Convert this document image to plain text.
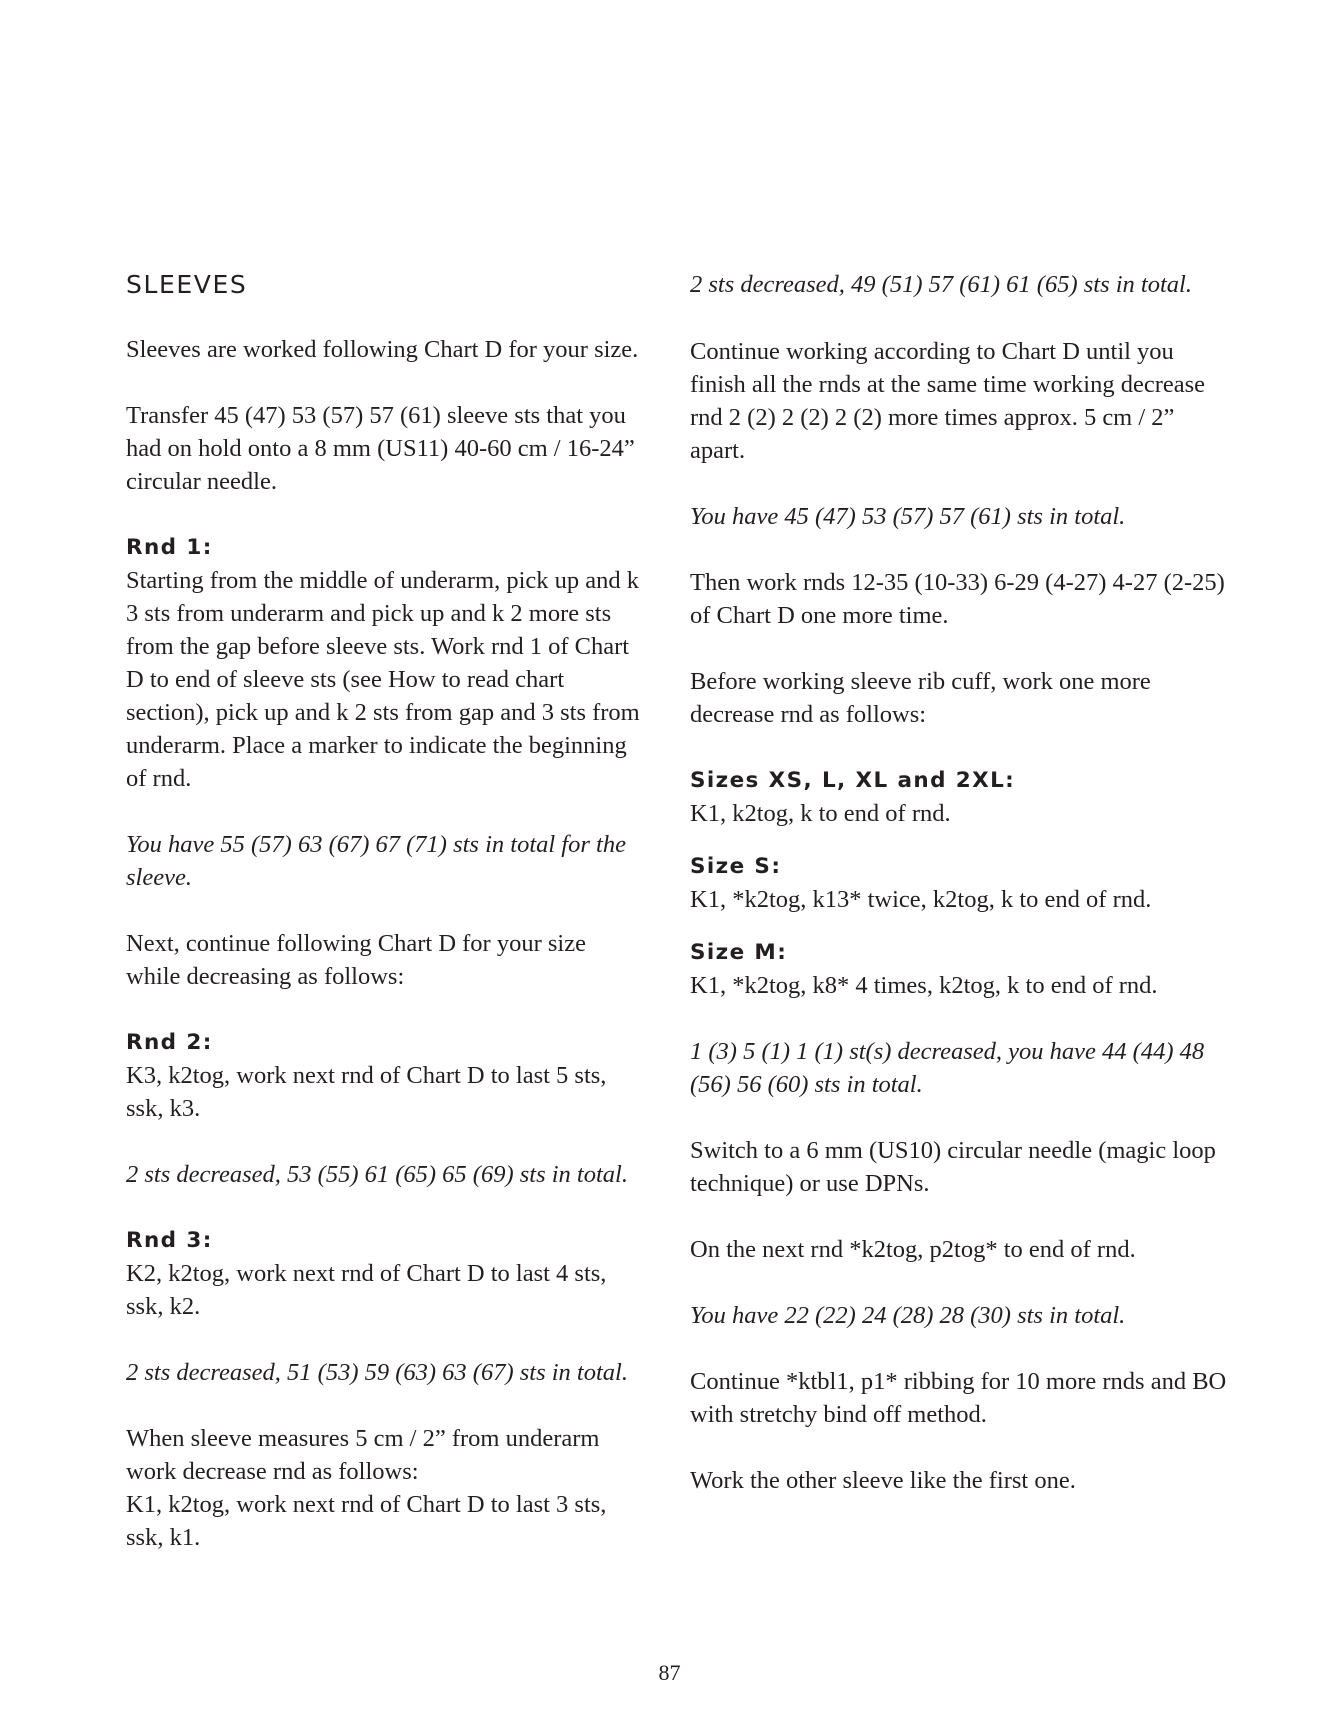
SLEEVES

Sleeves are worked following Chart D for your size.

Transfer 45 (47) 53 (57) 57 (61) sleeve sts that you had on hold onto a 8 mm (US11) 40-60 cm / 16-24” circular needle.

Rnd 1:
Starting from the middle of underarm, pick up and k 3 sts from underarm and pick up and k 2 more sts from the gap before sleeve sts. Work rnd 1 of Chart D to end of sleeve sts (see How to read chart section), pick up and k 2 sts from gap and 3 sts from underarm. Place a marker to indicate the beginning of rnd.

You have 55 (57) 63 (67) 67 (71) sts in total for the sleeve.

Next, continue following Chart D for your size while decreasing as follows:

Rnd 2:
K3, k2tog, work next rnd of Chart D to last 5 sts, ssk, k3.

2 sts decreased, 53 (55) 61 (65) 65 (69) sts in total.

Rnd 3:
K2, k2tog, work next rnd of Chart D to last 4 sts, ssk, k2.

2 sts decreased, 51 (53) 59 (63) 63 (67) sts in total.

When sleeve measures 5 cm / 2” from underarm work decrease rnd as follows:
K1, k2tog, work next rnd of Chart D to last 3 sts, ssk, k1.

2 sts decreased, 49 (51) 57 (61) 61 (65) sts in total.

Continue working according to Chart D until you finish all the rnds at the same time working decrease rnd 2 (2) 2 (2) 2 (2) more times approx. 5 cm / 2” apart.

You have 45 (47) 53 (57) 57 (61) sts in total.

Then work rnds 12-35 (10-33) 6-29 (4-27) 4-27 (2-25) of Chart D one more time.

Before working sleeve rib cuff, work one more decrease rnd as follows:

Sizes XS, L, XL and 2XL:
K1, k2tog, k to end of rnd.

Size S:
K1, *k2tog, k13* twice, k2tog, k to end of rnd.

Size M:
K1, *k2tog, k8* 4 times, k2tog, k to end of rnd.

1 (3) 5 (1) 1 (1) st(s) decreased, you have 44 (44) 48 (56) 56 (60) sts in total.

Switch to a 6 mm (US10) circular needle (magic loop technique) or use DPNs.

On the next rnd *k2tog, p2tog* to end of rnd.

You have 22 (22) 24 (28) 28 (30) sts in total.

Continue *ktbl1, p1* ribbing for 10 more rnds and BO with stretchy bind off method.

Work the other sleeve like the first one.

87
